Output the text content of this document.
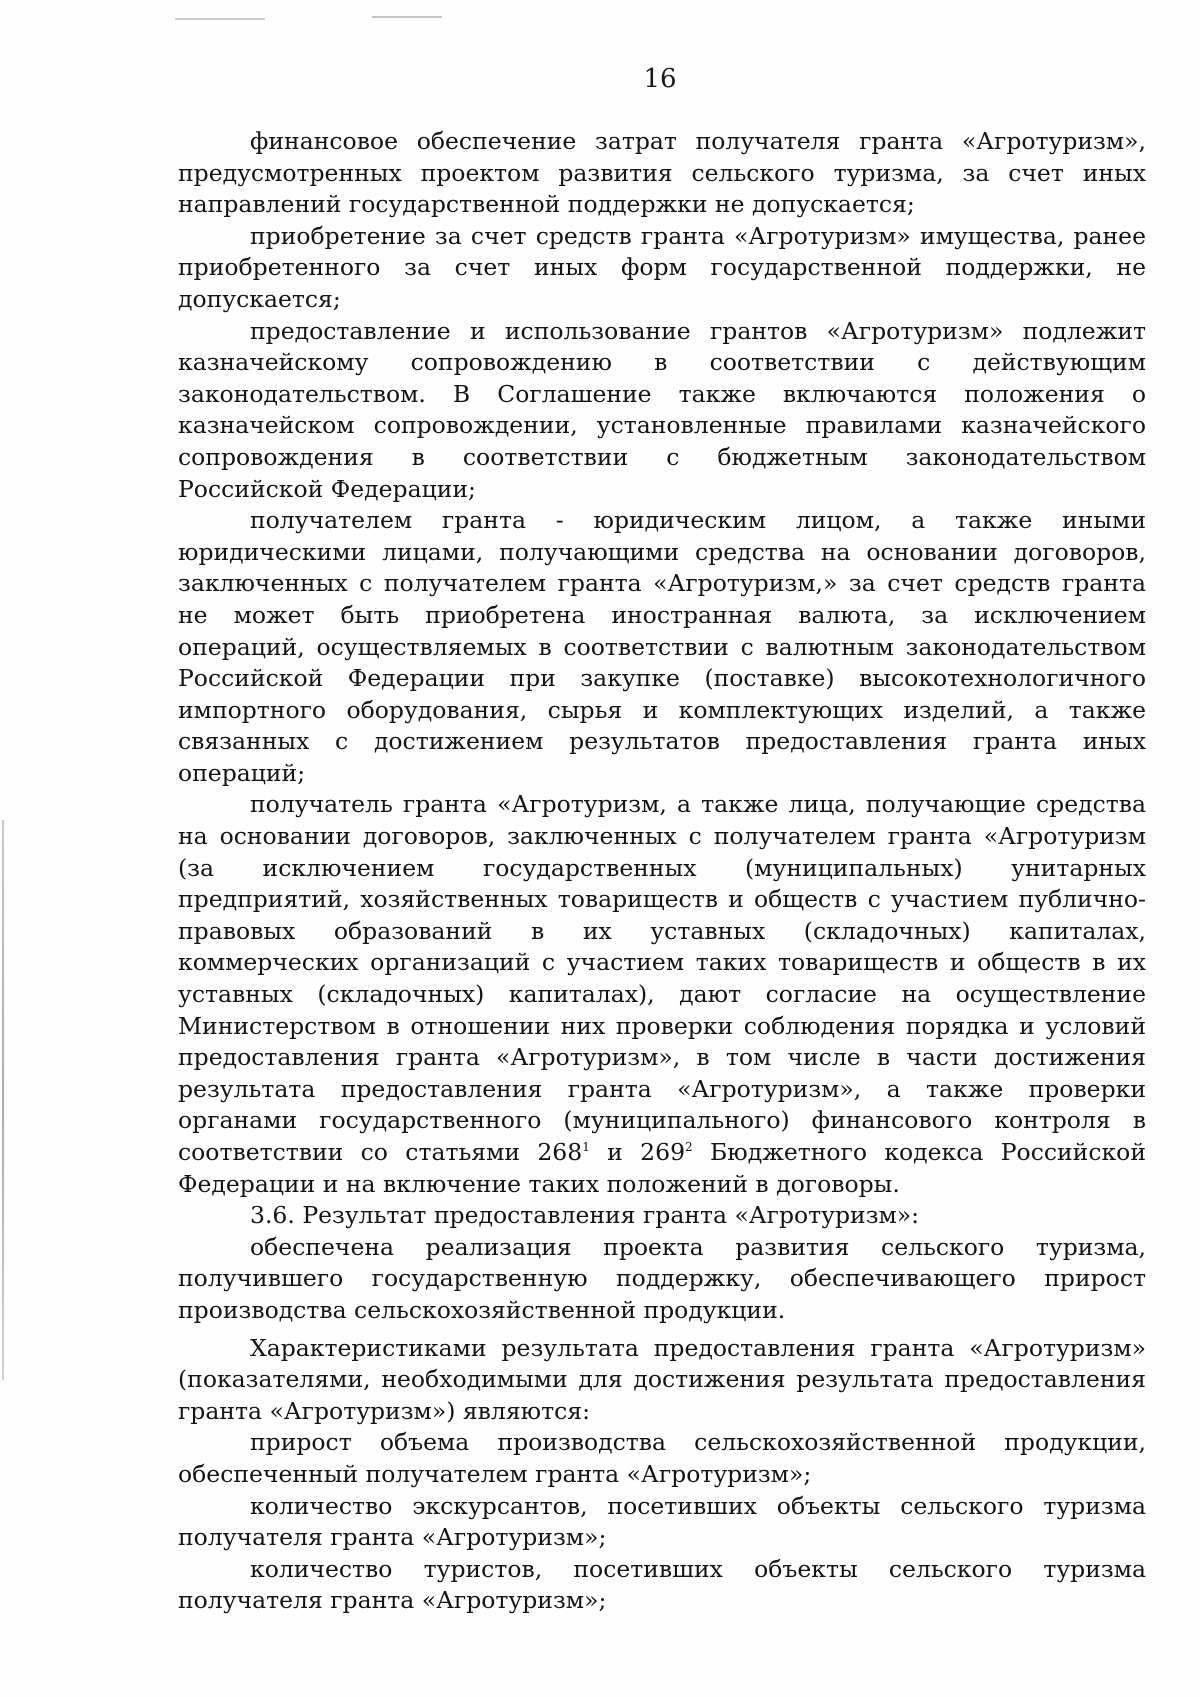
16

финансовое обеспечение затрат получателя гранта «Агротуризм», предусмотренных проектом развития сельского туризма, за счет иных направлений государственной поддержки не допускается;

приобретение за счет средств гранта «Агротуризм» имущества, ранее приобретенного за счет иных форм государственной поддержки, не допускается;

предоставление и использование грантов «Агротуризм» подлежит казначейскому сопровождению в соответствии с действующим законодательством. В Соглашение также включаются положения о казначейском сопровождении, установленные правилами казначейского сопровождения в соответствии с бюджетным законодательством Российской Федерации;

получателем гранта - юридическим лицом, а также иными юридическими лицами, получающими средства на основании договоров, заключенных с получателем гранта «Агротуризм,» за счет средств гранта не может быть приобретена иностранная валюта, за исключением операций, осуществляемых в соответствии с валютным законодательством Российской Федерации при закупке (поставке) высокотехнологичного импортного оборудования, сырья и комплектующих изделий, а также связанных с достижением результатов предоставления гранта иных операций;

получатель гранта «Агротуризм, а также лица, получающие средства на основании договоров, заключенных с получателем гранта «Агротуризм (за исключением государственных (муниципальных) унитарных предприятий, хозяйственных товариществ и обществ с участием публично-правовых образований в их уставных (складочных) капиталах, коммерческих организаций с участием таких товариществ и обществ в их уставных (складочных) капиталах), дают согласие на осуществление Министерством в отношении них проверки соблюдения порядка и условий предоставления гранта «Агротуризм», в том числе в части достижения результата предоставления гранта «Агротуризм», а также проверки органами государственного (муниципального) финансового контроля в соответствии со статьями $268^1$ и $269^2$ Бюджетного кодекса Российской Федерации и на включение таких положений в договоры.

3.6. Результат предоставления гранта «Агротуризм»:

обеспечена реализация проекта развития сельского туризма, получившего государственную поддержку, обеспечивающего прирост производства сельскохозяйственной продукции.

Характеристиками результата предоставления гранта «Агротуризм» (показателями, необходимыми для достижения результата предоставления гранта «Агротуризм») являются:

прирост объема производства сельскохозяйственной продукции, обеспеченный получателем гранта «Агротуризм»;

количество экскурсантов, посетивших объекты сельского туризма получателя гранта «Агротуризм»;

количество туристов, посетивших объекты сельского туризма получателя гранта «Агротуризм»;
